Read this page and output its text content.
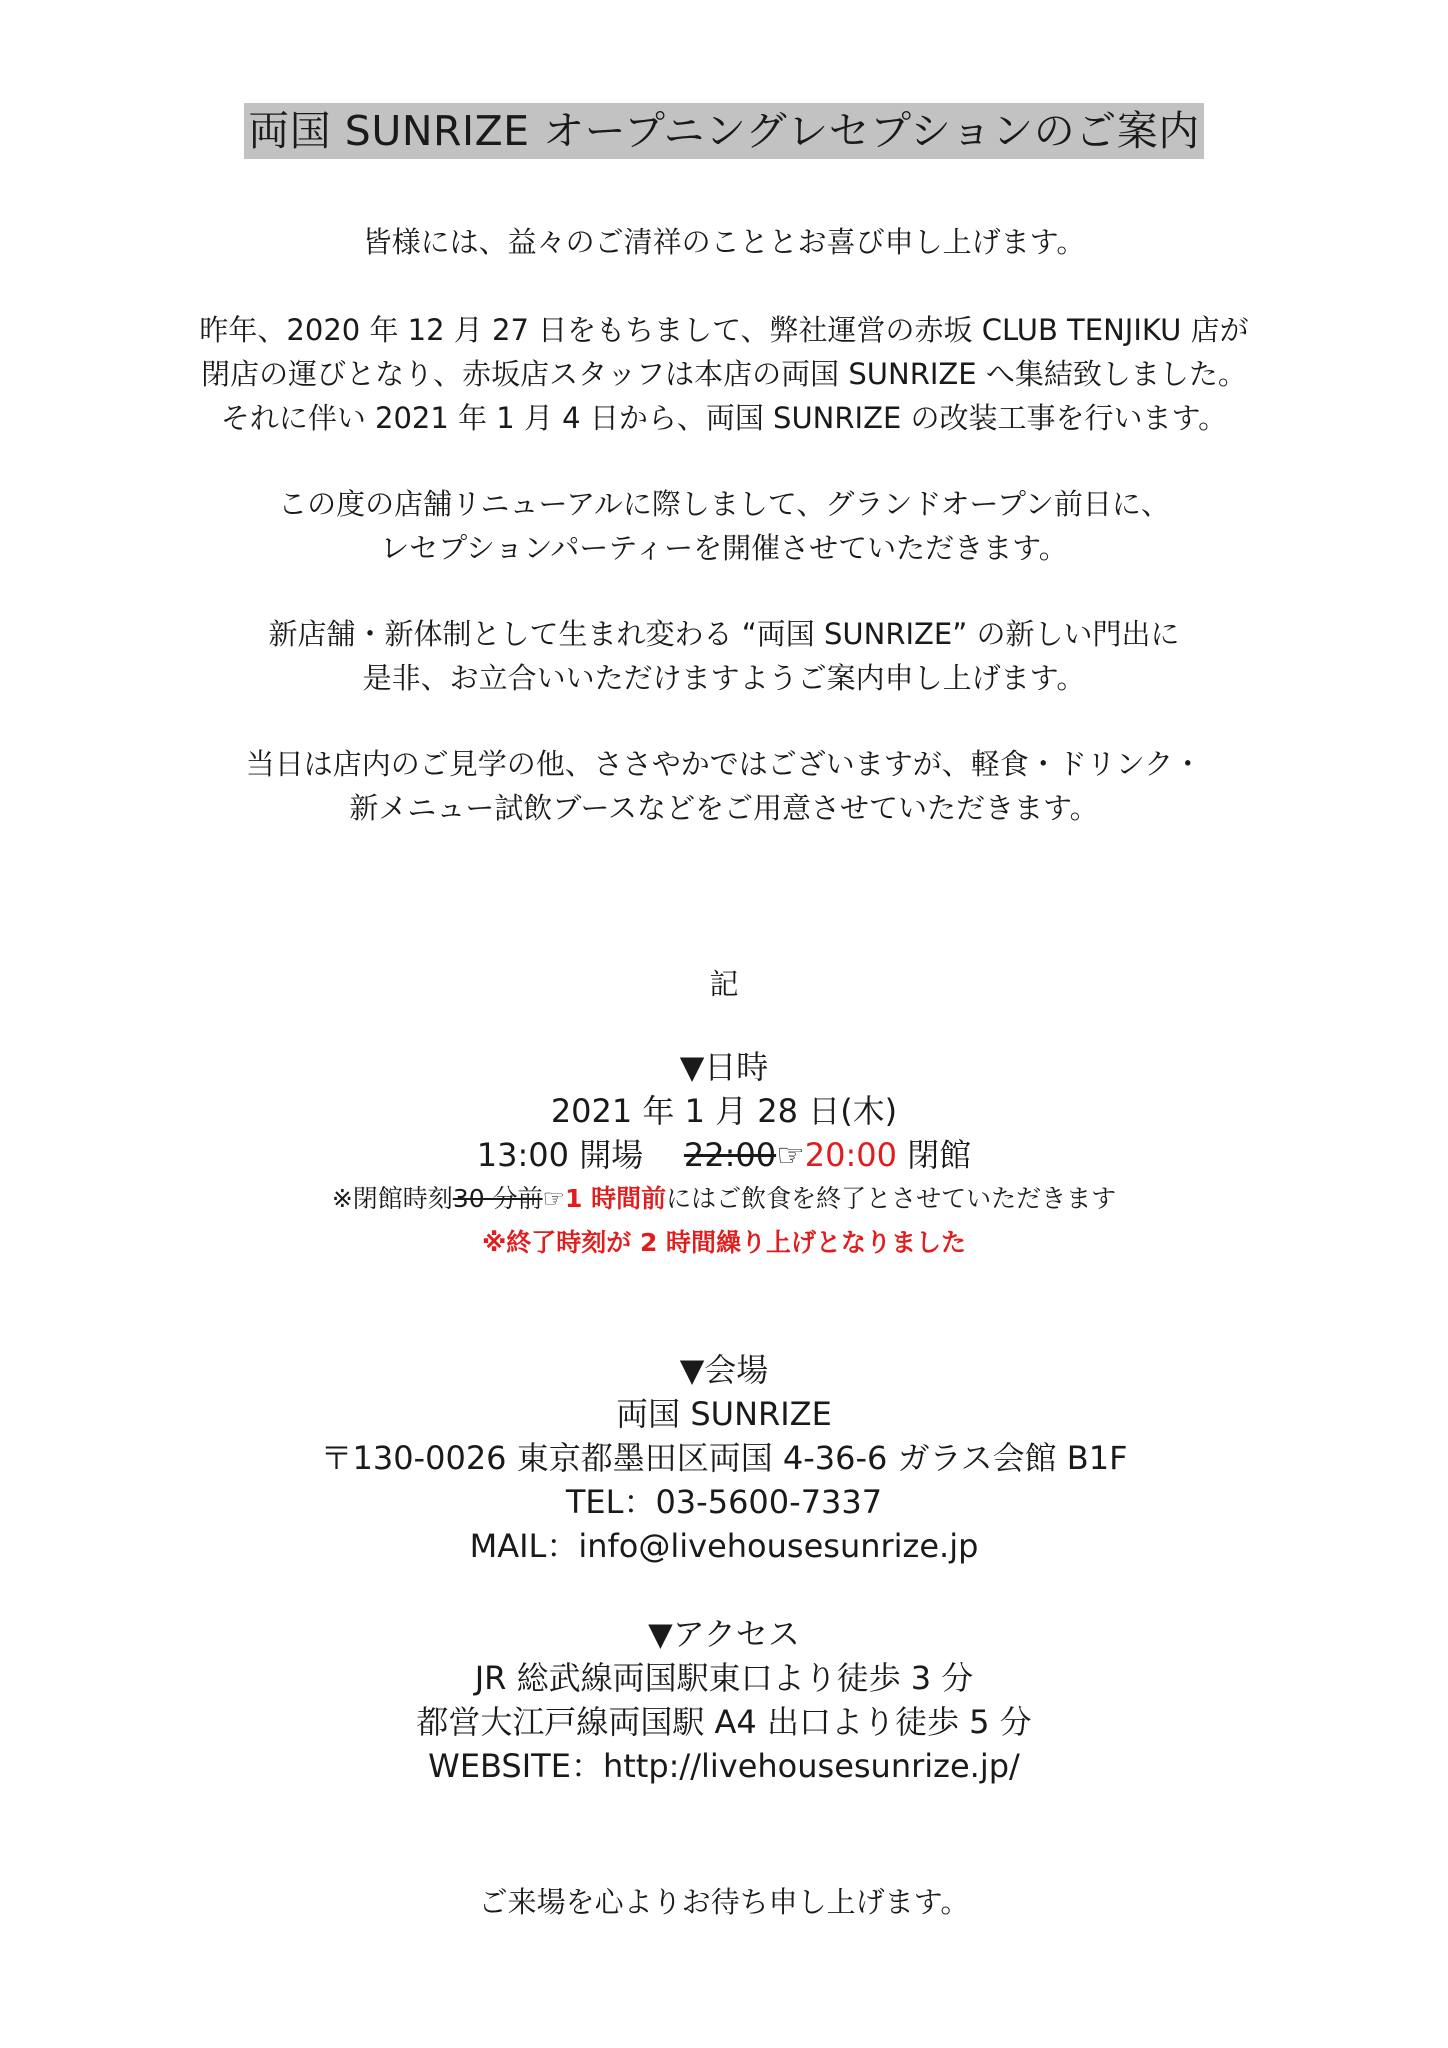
両国 SUNRIZE オープニングレセプションのご案内
皆様には、益々のご清祥のこととお喜び申し上げます。
昨年、2020 年 12 月 27 日をもちまして、弊社運営の赤坂 CLUB TENJIKU 店が
閉店の運びとなり、赤坂店スタッフは本店の両国 SUNRIZE へ集結致しました。
それに伴い 2021 年 1 月 4 日から、両国 SUNRIZE の改装工事を行います。
この度の店舗リニューアルに際しまして、グランドオープン前日に、
レセプションパーティーを開催させていただきます。
新店舗・新体制として生まれ変わる “両国 SUNRIZE” の新しい門出に
是非、お立合いいただけますようご案内申し上げます。
当日は店内のご見学の他、ささやかではございますが、軽食・ドリンク・
新メニュー試飲ブースなどをご用意させていただきます。
記
▼日時
2021 年 1 月 28 日(木)
13:00 開場 22:00☞20:00 閉館
※閉館時刻30 分前☞1 時間前にはご飲食を終了とさせていただきます
※終了時刻が 2 時間繰り上げとなりました
▼会場
両国 SUNRIZE
〒130-0026 東京都墨田区両国 4-36-6 ガラス会館 B1F
TEL：03-5600-7337
MAIL：info@livehousesunrize.jp
▼アクセス
JR 総武線両国駅東口より徒歩 3 分
都営大江戸線両国駅 A4 出口より徒歩 5 分
WEBSITE：http://livehousesunrize.jp/
ご来場を心よりお待ち申し上げます。
